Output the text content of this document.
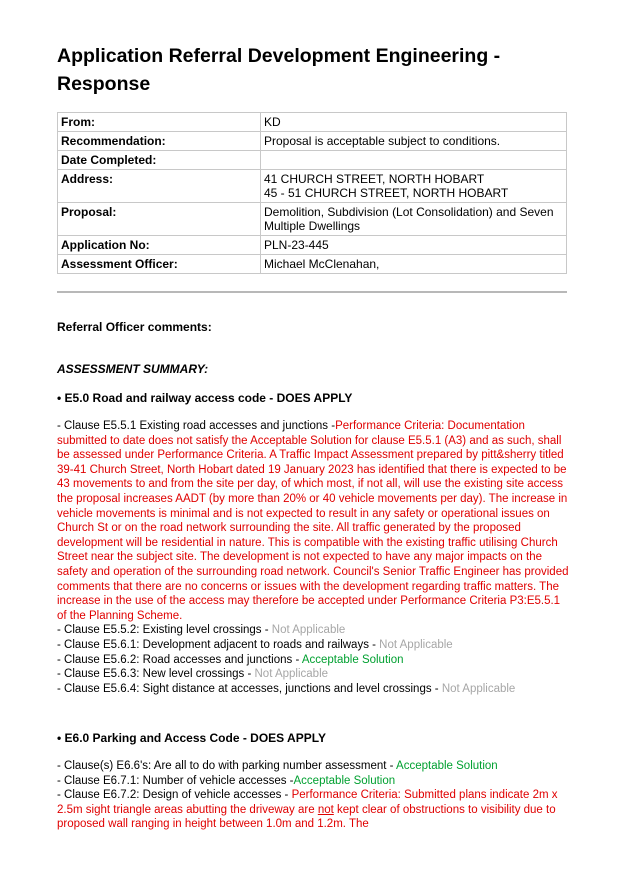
Application Referral Development Engineering - Response
From:	KD
Recommendation:	Proposal is acceptable subject to conditions.
Date Completed:	
Address:	41 CHURCH STREET, NORTH HOBART
45 - 51 CHURCH STREET, NORTH HOBART

Proposal:	Demolition, Subdivision (Lot Consolidation) and Seven Multiple Dwellings
Application No:	PLN-23-445
Assessment Officer:	Michael McClenahan,
Referral Officer comments:
ASSESSMENT SUMMARY:
• E5.0 Road and railway access code - DOES APPLY
- Clause E5.5.1 Existing road accesses and junctions -Performance Criteria: Documentation submitted to date does not satisfy the Acceptable Solution for clause E5.5.1 (A3) and as such, shall be assessed under Performance Criteria. A Traffic Impact Assessment prepared by pitt&sherry titled 39-41 Church Street, North Hobart dated 19 January 2023 has identified that there is expected to be 43 movements to and from the site per day, of which most, if not all, will use the existing site access the proposal increases AADT (by more than 20% or 40 vehicle movements per day). The increase in vehicle movements is minimal and is not expected to result in any safety or operational issues on Church St or on the road network surrounding the site. All traffic generated by the proposed development will be residential in nature. This is compatible with the existing traffic utilising Church Street near the subject site. The development is not expected to have any major impacts on the safety and operation of the surrounding road network. Council's Senior Traffic Engineer has provided comments that there are no concerns or issues with the development regarding traffic matters. The increase in the use of the access may therefore be accepted under Performance Criteria P3:E5.5.1 of the Planning Scheme.
- Clause E5.5.2: Existing level crossings - Not Applicable
- Clause E5.6.1: Development adjacent to roads and railways - Not Applicable
- Clause E5.6.2: Road accesses and junctions - Acceptable Solution
- Clause E5.6.3: New level crossings - Not Applicable
- Clause E5.6.4: Sight distance at accesses, junctions and level crossings - Not Applicable
• E6.0 Parking and Access Code - DOES APPLY
- Clause(s) E6.6's: Are all to do with parking number assessment - Acceptable Solution
- Clause E6.7.1: Number of vehicle accesses -Acceptable Solution
- Clause E6.7.2: Design of vehicle accesses - Performance Criteria: Submitted plans indicate 2m x 2.5m sight triangle areas abutting the driveway are not kept clear of obstructions to visibility due to proposed wall ranging in height between 1.0m and 1.2m. The
